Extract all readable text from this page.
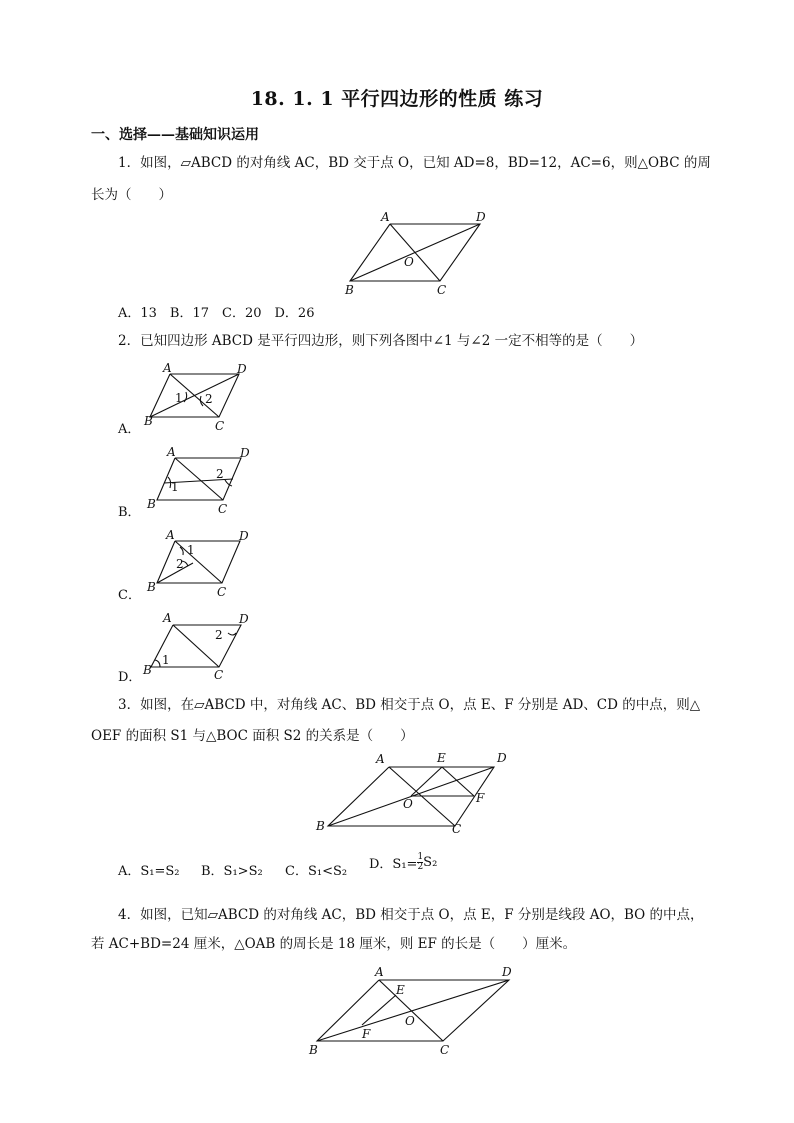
18. 1. 1 平行四边形的性质 练习
一、选择——基础知识运用
1．如图，▱ABCD 的对角线 AC，BD 交于点 O，已知 AD=8，BD=12，AC=6，则△OBC 的周
长为（　　）
A	D
O
B	C
A．13　B．17　C．20　D．26
2．已知四边形 ABCD 是平行四边形，则下列各图中∠1 与∠2 一定不相等的是（　　）
A	D
1 2
B	C
A．
A	D
2
1
B	C
B．
A	D
1
2
B	C
C．
A	D
2
1
B	C
D．
3．如图，在▱ABCD 中，对角线 AC、BD 相交于点 O，点 E、F 分别是 AD、CD 的中点，则△
OEF 的面积 S1 与△BOC 面积 S2 的关系是（　　）
A	E	D
O	F
B	C
A．S₁=S₂ B．S₁>S₂ C．S₁<S₂ D．$S_1= \frac{1}{2} S_2$
4．如图，已知▱ABCD 的对角线 AC，BD 相交于点 O，点 E，F 分别是线段 AO，BO 的中点，
若 AC+BD=24 厘米，△OAB 的周长是 18 厘米，则 EF 的长是（　　）厘米。
A	D
E
O
F
B	C
